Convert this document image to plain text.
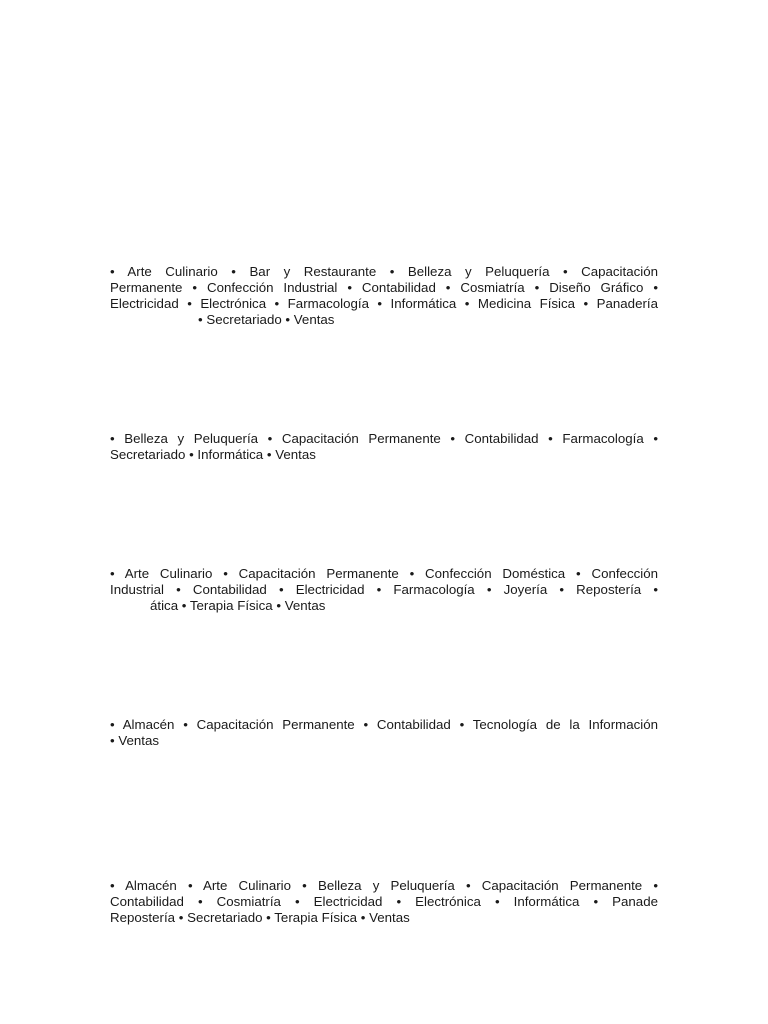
• Arte Culinario • Bar y Restaurante • Belleza y Peluquería • Capacitación
Permanente • Confección Industrial • Contabilidad • Cosmiatría • Diseño Gráfico •
Electricidad • Electrónica • Farmacología • Informática • Medicina Física • Panadería
• Secretariado • Ventas
• Belleza y Peluquería • Capacitación Permanente • Contabilidad • Farmacología •
Secretariado • Informática • Ventas
• Arte Culinario • Capacitación Permanente • Confección Doméstica • Confección
Industrial • Contabilidad • Electricidad • Farmacología • Joyería • Repostería •
ática • Terapia Física • Ventas
• Almacén • Capacitación Permanente • Contabilidad • Tecnología de la Información
• Ventas
• Almacén • Arte Culinario • Belleza y Peluquería • Capacitación Permanente •
Contabilidad • Cosmiatría • Electricidad • Electrónica • Informática • Panade
Repostería • Secretariado • Terapia Física • Ventas
